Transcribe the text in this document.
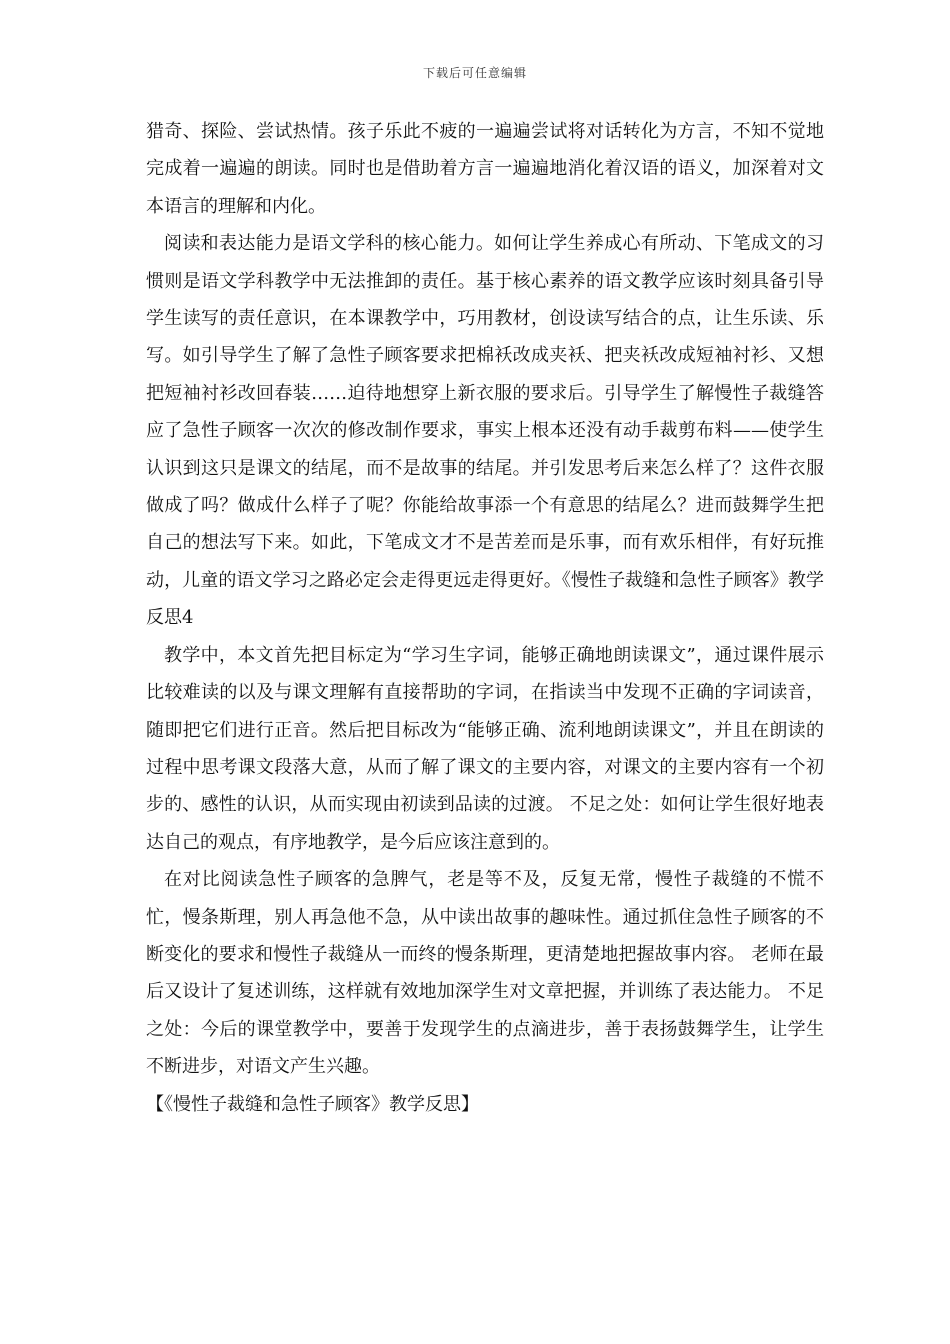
下载后可任意编辑

猎奇、探险、尝试热情。孩子乐此不疲的一遍遍尝试将对话转化为方言，不知不觉地完成着一遍遍的朗读。同时也是借助着方言一遍遍地消化着汉语的语义，加深着对文本语言的理解和内化。

阅读和表达能力是语文学科的核心能力。如何让学生养成心有所动、下笔成文的习惯则是语文学科教学中无法推卸的责任。基于核心素养的语文教学应该时刻具备引导学生读写的责任意识，在本课教学中，巧用教材，创设读写结合的点，让生乐读、乐写。如引导学生了解了急性子顾客要求把棉袄改成夹袄、把夹袄改成短袖衬衫、又想把短袖衬衫改回春装……迫待地想穿上新衣服的要求后。引导学生了解慢性子裁缝答应了急性子顾客一次次的修改制作要求，事实上根本还没有动手裁剪布料——使学生认识到这只是课文的结尾，而不是故事的结尾。并引发思考后来怎么样了？这件衣服做成了吗？做成什么样子了呢？你能给故事添一个有意思的结尾么？进而鼓舞学生把自己的想法写下来。如此，下笔成文才不是苦差而是乐事，而有欢乐相伴，有好玩推动，儿童的语文学习之路必定会走得更远走得更好。《慢性子裁缝和急性子顾客》教学反思4

教学中，本文首先把目标定为“学习生字词，能够正确地朗读课文”，通过课件展示比较难读的以及与课文理解有直接帮助的字词，在指读当中发现不正确的字词读音，随即把它们进行正音。然后把目标改为“能够正确、流利地朗读课文”，并且在朗读的过程中思考课文段落大意，从而了解了课文的主要内容，对课文的主要内容有一个初步的、感性的认识，从而实现由初读到品读的过渡。 不足之处：如何让学生很好地表达自己的观点，有序地教学，是今后应该注意到的。

在对比阅读急性子顾客的急脾气，老是等不及，反复无常，慢性子裁缝的不慌不忙，慢条斯理，别人再急他不急，从中读出故事的趣味性。通过抓住急性子顾客的不断变化的要求和慢性子裁缝从一而终的慢条斯理，更清楚地把握故事内容。 老师在最后又设计了复述训练，这样就有效地加深学生对文章把握，并训练了表达能力。 不足之处：今后的课堂教学中，要善于发现学生的点滴进步，善于表扬鼓舞学生，让学生不断进步，对语文产生兴趣。

【《慢性子裁缝和急性子顾客》教学反思】
